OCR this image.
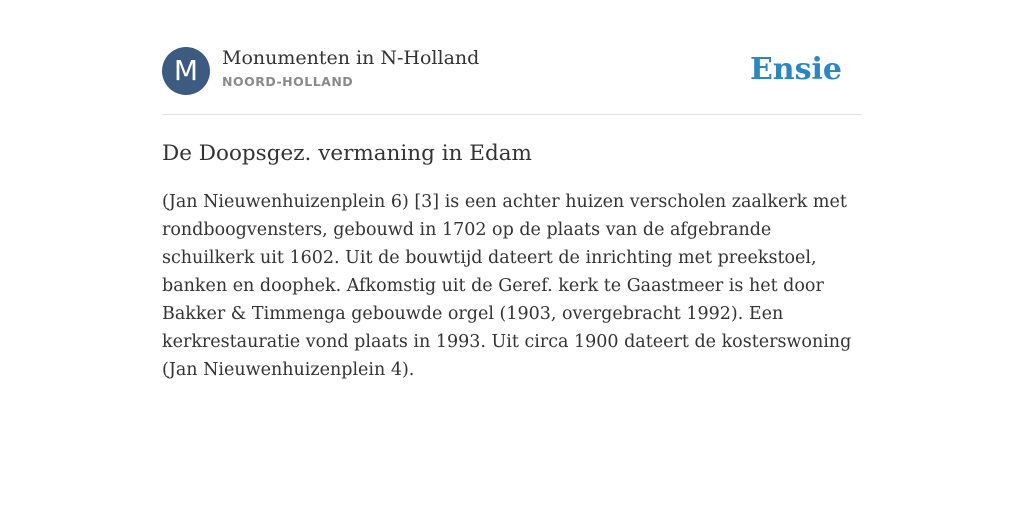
M	Monumenten in N-Holland
NOORD-HOLLAND	Ensie
De Doopsgez. vermaning in Edam

(Jan Nieuwenhuizenplein 6) [3] is een achter huizen verscholen zaalkerk met rondboogvensters, gebouwd in 1702 op de plaats van de afgebrande schuilkerk uit 1602. Uit de bouwtijd dateert de inrichting met preekstoel, banken en doophek. Afkomstig uit de Geref. kerk te Gaastmeer is het door Bakker & Timmenga gebouwde orgel (1903, overgebracht 1992). Een kerkrestauratie vond plaats in 1993. Uit circa 1900 dateert de kosterswoning (Jan Nieuwenhuizenplein 4).
